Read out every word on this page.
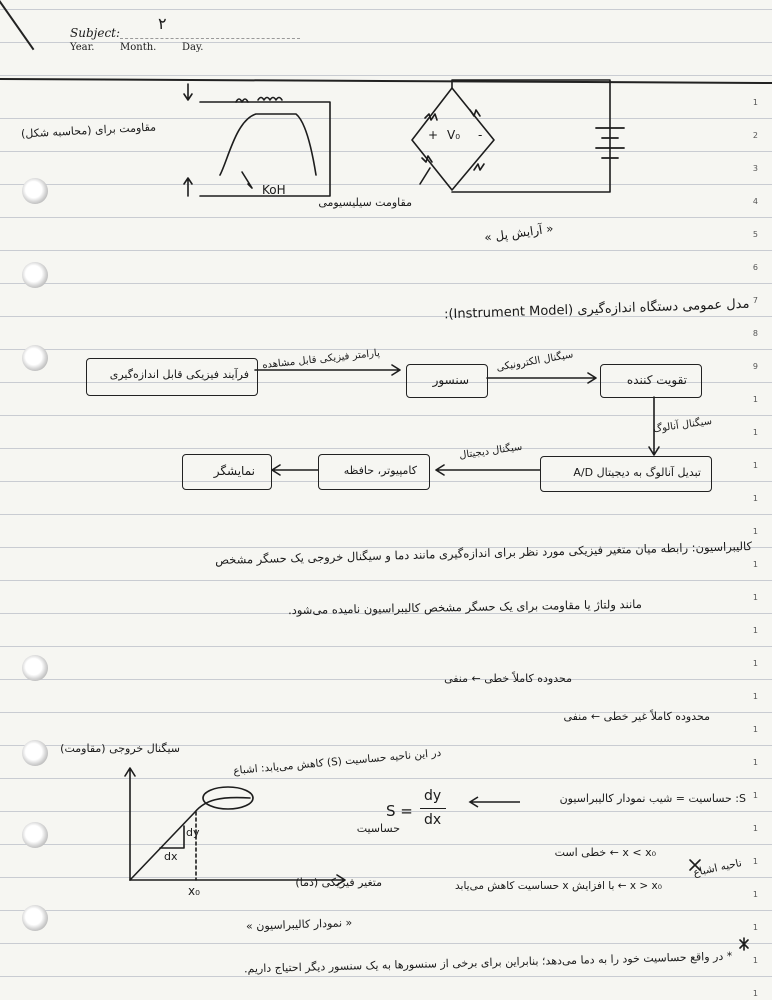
Subject: ۲
Year.	Month.	Day.
1
2
3
4
5
6
7
8
9
1
1
1
1
1
1
1
1
1
1
1
1
1
1
1
1
1
1
1
مقاومت برای (محاسبه شکل)
KoH
+ V₀ -
مقاومت سیلیسیومی
« آرایش پل »
مدل عمومی دستگاه اندازه‌گیری (Instrument Model):
فرآیند فیزیکی قابل اندازه‌گیری
پارامتر فیزیکی قابل مشاهده
سنسور
سیگنال الکترونیکی
تقویت کننده
سیگنال آنالوگ
تبدیل آنالوگ به دیجیتال A/D
سیگنال دیجیتال
کامپیوتر، حافظه
نمایشگر
کالیبراسیون: رابطه میان متغیر فیزیکی مورد نظر برای اندازه‌گیری مانند دما و سیگنال خروجی یک حسگر مشخص
مانند ولتاژ یا مقاومت برای یک حسگر مشخص کالیبراسیون نامیده می‌شود.
محدوده کاملاً خطی ← منفی
محدوده کاملاً غیر خطی ← منفی
سیگنال خروجی (مقاومت)
متغیر فیزیکی (دما)
x₀
dx
dy
در این ناحیه حساسیت (S) کاهش می‌یابد: اشباع
S =
dy
dx
حساسیت
S: حساسیت = شیب نمودار کالیبراسیون
x < x₀ ← خطی است
x > x₀ ← با افزایش x حساسیت کاهش می‌یابد
ناحیه اشباع
« نمودار کالیبراسیون »
* در واقع حساسیت خود را به دما می‌دهد؛ بنابراین برای برخی از سنسورها به یک سنسور دیگر احتیاج داریم.
